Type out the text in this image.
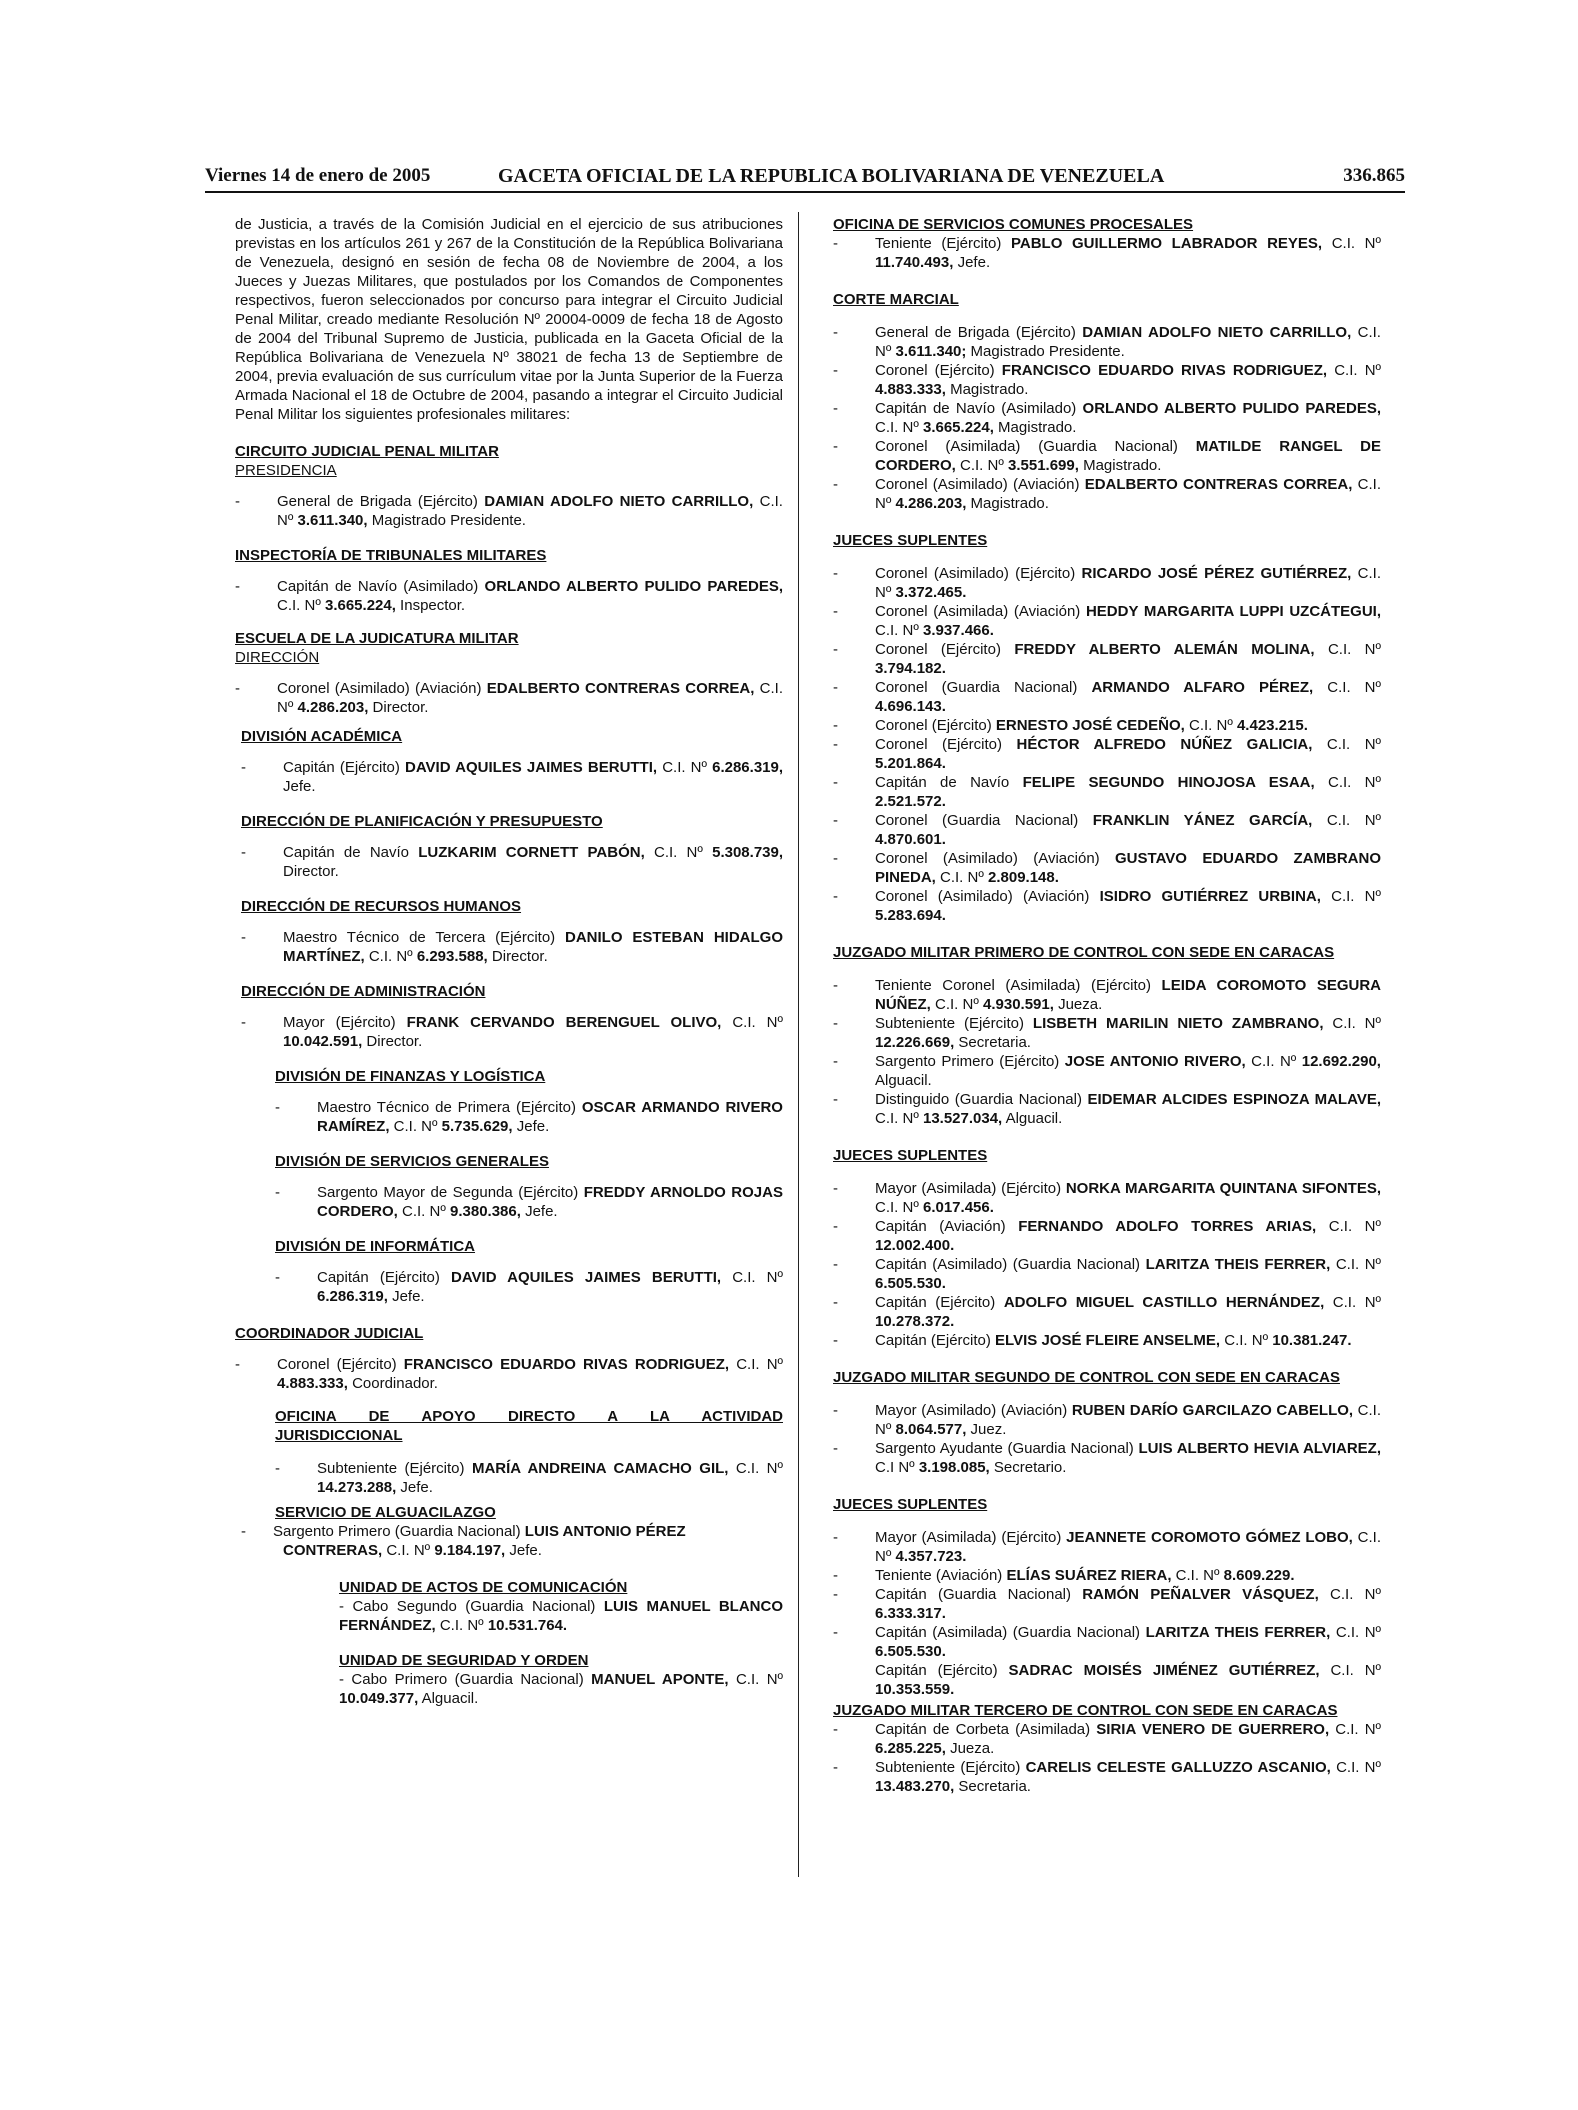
Viernes 14 de enero de 2005	GACETA OFICIAL DE LA REPUBLICA BOLIVARIANA DE VENEZUELA	336.865

de Justicia, a través de la Comisión Judicial en el ejercicio de sus atribuciones previstas en los artículos 261 y 267 de la Constitución de la República Bolivariana de Venezuela, designó en sesión de fecha 08 de Noviembre de 2004, a los Jueces y Juezas Militares, que postulados por los Comandos de Componentes respectivos, fueron seleccionados por concurso para integrar el Circuito Judicial Penal Militar, creado mediante Resolución Nº 20004-0009 de fecha 18 de Agosto de 2004 del Tribunal Supremo de Justicia, publicada en la Gaceta Oficial de la República Bolivariana de Venezuela Nº 38021 de fecha 13 de Septiembre de 2004, previa evaluación de sus currículum vitae por la Junta Superior de la Fuerza Armada Nacional el 18 de Octubre de 2004, pasando a integrar el Circuito Judicial Penal Militar los siguientes profesionales militares:

CIRCUITO JUDICIAL PENAL MILITAR

PRESIDENCIA

- General de Brigada (Ejército) DAMIAN ADOLFO NIETO CARRILLO, C.I. Nº 3.611.340, Magistrado Presidente.

INSPECTORÍA DE TRIBUNALES MILITARES

- Capitán de Navío (Asimilado) ORLANDO ALBERTO PULIDO PAREDES, C.I. Nº 3.665.224, Inspector.

ESCUELA DE LA JUDICATURA MILITAR

DIRECCIÓN

- Coronel (Asimilado) (Aviación) EDALBERTO CONTRERAS CORREA, C.I. Nº 4.286.203, Director.

DIVISIÓN ACADÉMICA

- Capitán (Ejército) DAVID AQUILES JAIMES BERUTTI, C.I. Nº 6.286.319, Jefe.

DIRECCIÓN DE PLANIFICACIÓN Y PRESUPUESTO

- Capitán de Navío LUZKARIM CORNETT PABÓN, C.I. Nº 5.308.739, Director.

DIRECCIÓN DE RECURSOS HUMANOS

- Maestro Técnico de Tercera (Ejército) DANILO ESTEBAN HIDALGO MARTÍNEZ, C.I. Nº 6.293.588, Director.

DIRECCIÓN DE ADMINISTRACIÓN

- Mayor (Ejército) FRANK CERVANDO BERENGUEL OLIVO, C.I. Nº 10.042.591, Director.

DIVISIÓN DE FINANZAS Y LOGÍSTICA

- Maestro Técnico de Primera (Ejército) OSCAR ARMANDO RIVERO RAMÍREZ, C.I. Nº 5.735.629, Jefe.

DIVISIÓN DE SERVICIOS GENERALES

- Sargento Mayor de Segunda (Ejército) FREDDY ARNOLDO ROJAS CORDERO, C.I. Nº 9.380.386, Jefe.

DIVISIÓN DE INFORMÁTICA

- Capitán (Ejército) DAVID AQUILES JAIMES BERUTTI, C.I. Nº 6.286.319, Jefe.

COORDINADOR JUDICIAL

- Coronel (Ejército) FRANCISCO EDUARDO RIVAS RODRIGUEZ, C.I. Nº 4.883.333, Coordinador.

OFICINA DE APOYO DIRECTO A LA ACTIVIDAD JURISDICCIONAL

- Subteniente (Ejército) MARÍA ANDREINA CAMACHO GIL, C.I. Nº 14.273.288, Jefe.

SERVICIO DE ALGUACILAZGO

- Sargento Primero (Guardia Nacional) LUIS ANTONIO PÉREZ CONTRERAS, C.I. Nº 9.184.197, Jefe.

UNIDAD DE ACTOS DE COMUNICACIÓN

- Cabo Segundo (Guardia Nacional) LUIS MANUEL BLANCO FERNÁNDEZ, C.I. Nº 10.531.764.

UNIDAD DE SEGURIDAD Y ORDEN

- Cabo Primero (Guardia Nacional) MANUEL APONTE, C.I. Nº 10.049.377, Alguacil.

OFICINA DE SERVICIOS COMUNES PROCESALES

- Teniente (Ejército) PABLO GUILLERMO LABRADOR REYES, C.I. Nº 11.740.493, Jefe.

CORTE MARCIAL

- General de Brigada (Ejército) DAMIAN ADOLFO NIETO CARRILLO, C.I. Nº 3.611.340; Magistrado Presidente.
- Coronel (Ejército) FRANCISCO EDUARDO RIVAS RODRIGUEZ, C.I. Nº 4.883.333, Magistrado.
- Capitán de Navío (Asimilado) ORLANDO ALBERTO PULIDO PAREDES, C.I. Nº 3.665.224, Magistrado.
- Coronel (Asimilada) (Guardia Nacional) MATILDE RANGEL DE CORDERO, C.I. Nº 3.551.699, Magistrado.
- Coronel (Asimilado) (Aviación) EDALBERTO CONTRERAS CORREA, C.I. Nº 4.286.203, Magistrado.

JUECES SUPLENTES

- Coronel (Asimilado) (Ejército) RICARDO JOSÉ PÉREZ GUTIÉRREZ, C.I. Nº 3.372.465.
- Coronel (Asimilada) (Aviación) HEDDY MARGARITA LUPPI UZCÁTEGUI, C.I. Nº 3.937.466.
- Coronel (Ejército) FREDDY ALBERTO ALEMÁN MOLINA, C.I. Nº 3.794.182.
- Coronel (Guardia Nacional) ARMANDO ALFARO PÉREZ, C.I. Nº 4.696.143.
- Coronel (Ejército) ERNESTO JOSÉ CEDEÑO, C.I. Nº 4.423.215.
- Coronel (Ejército) HÉCTOR ALFREDO NÚÑEZ GALICIA, C.I. Nº 5.201.864.
- Capitán de Navío FELIPE SEGUNDO HINOJOSA ESAA, C.I. Nº 2.521.572.
- Coronel (Guardia Nacional) FRANKLIN YÁNEZ GARCÍA, C.I. Nº 4.870.601.
- Coronel (Asimilado) (Aviación) GUSTAVO EDUARDO ZAMBRANO PINEDA, C.I. Nº 2.809.148.
- Coronel (Asimilado) (Aviación) ISIDRO GUTIÉRREZ URBINA, C.I. Nº 5.283.694.

JUZGADO MILITAR PRIMERO DE CONTROL CON SEDE EN CARACAS

- Teniente Coronel (Asimilada) (Ejército) LEIDA COROMOTO SEGURA NÚÑEZ, C.I. Nº 4.930.591, Jueza.
- Subteniente (Ejército) LISBETH MARILIN NIETO ZAMBRANO, C.I. Nº 12.226.669, Secretaria.
- Sargento Primero (Ejército) JOSE ANTONIO RIVERO, C.I. Nº 12.692.290, Alguacil.
- Distinguido (Guardia Nacional) EIDEMAR ALCIDES ESPINOZA MALAVE, C.I. Nº 13.527.034, Alguacil.

JUECES SUPLENTES

- Mayor (Asimilada) (Ejército) NORKA MARGARITA QUINTANA SIFONTES, C.I. Nº 6.017.456.
- Capitán (Aviación) FERNANDO ADOLFO TORRES ARIAS, C.I. Nº 12.002.400.
- Capitán (Asimilado) (Guardia Nacional) LARITZA THEIS FERRER, C.I. Nº 6.505.530.
- Capitán (Ejército) ADOLFO MIGUEL CASTILLO HERNÁNDEZ, C.I. Nº 10.278.372.
- Capitán (Ejército) ELVIS JOSÉ FLEIRE ANSELME, C.I. Nº 10.381.247.

JUZGADO MILITAR SEGUNDO DE CONTROL CON SEDE EN CARACAS

- Mayor (Asimilado) (Aviación) RUBEN DARÍO GARCILAZO CABELLO, C.I. Nº 8.064.577, Juez.
- Sargento Ayudante (Guardia Nacional) LUIS ALBERTO HEVIA ALVIAREZ, C.I Nº 3.198.085, Secretario.

JUECES SUPLENTES

- Mayor (Asimilada) (Ejército) JEANNETE COROMOTO GÓMEZ LOBO, C.I. Nº 4.357.723.
- Teniente (Aviación) ELÍAS SUÁREZ RIERA, C.I. Nº 8.609.229.
- Capitán (Guardia Nacional) RAMÓN PEÑALVER VÁSQUEZ, C.I. Nº 6.333.317.
- Capitán (Asimilada) (Guardia Nacional) LARITZA THEIS FERRER, C.I. Nº 6.505.530.
Capitán (Ejército) SADRAC MOISÉS JIMÉNEZ GUTIÉRREZ, C.I. Nº 10.353.559.

JUZGADO MILITAR TERCERO DE CONTROL CON SEDE EN CARACAS

- Capitán de Corbeta (Asimilada) SIRIA VENERO DE GUERRERO, C.I. Nº 6.285.225, Jueza.
- Subteniente (Ejército) CARELIS CELESTE GALLUZZO ASCANIO, C.I. Nº 13.483.270, Secretaria.
